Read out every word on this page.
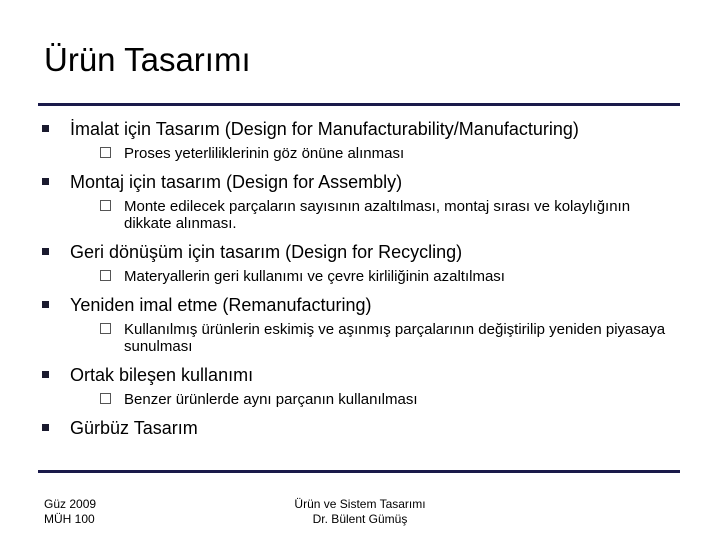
Ürün Tasarımı
İmalat için Tasarım (Design for Manufacturability/Manufacturing)
Proses yeterliliklerinin göz önüne alınması
Montaj için tasarım (Design for Assembly)
Monte edilecek parçaların sayısının azaltılması, montaj sırası ve kolaylığının dikkate alınması.
Geri dönüşüm için tasarım (Design for Recycling)
Materyallerin geri kullanımı ve çevre kirliliğinin azaltılması
Yeniden imal etme (Remanufacturing)
Kullanılmış ürünlerin eskimiş ve aşınmış parçalarının değiştirilip yeniden piyasaya sunulması
Ortak bileşen kullanımı
Benzer ürünlerde aynı parçanın kullanılması
Gürbüz Tasarım
Güz 2009
MÜH 100
Ürün ve Sistem Tasarımı
Dr. Bülent Gümüş
